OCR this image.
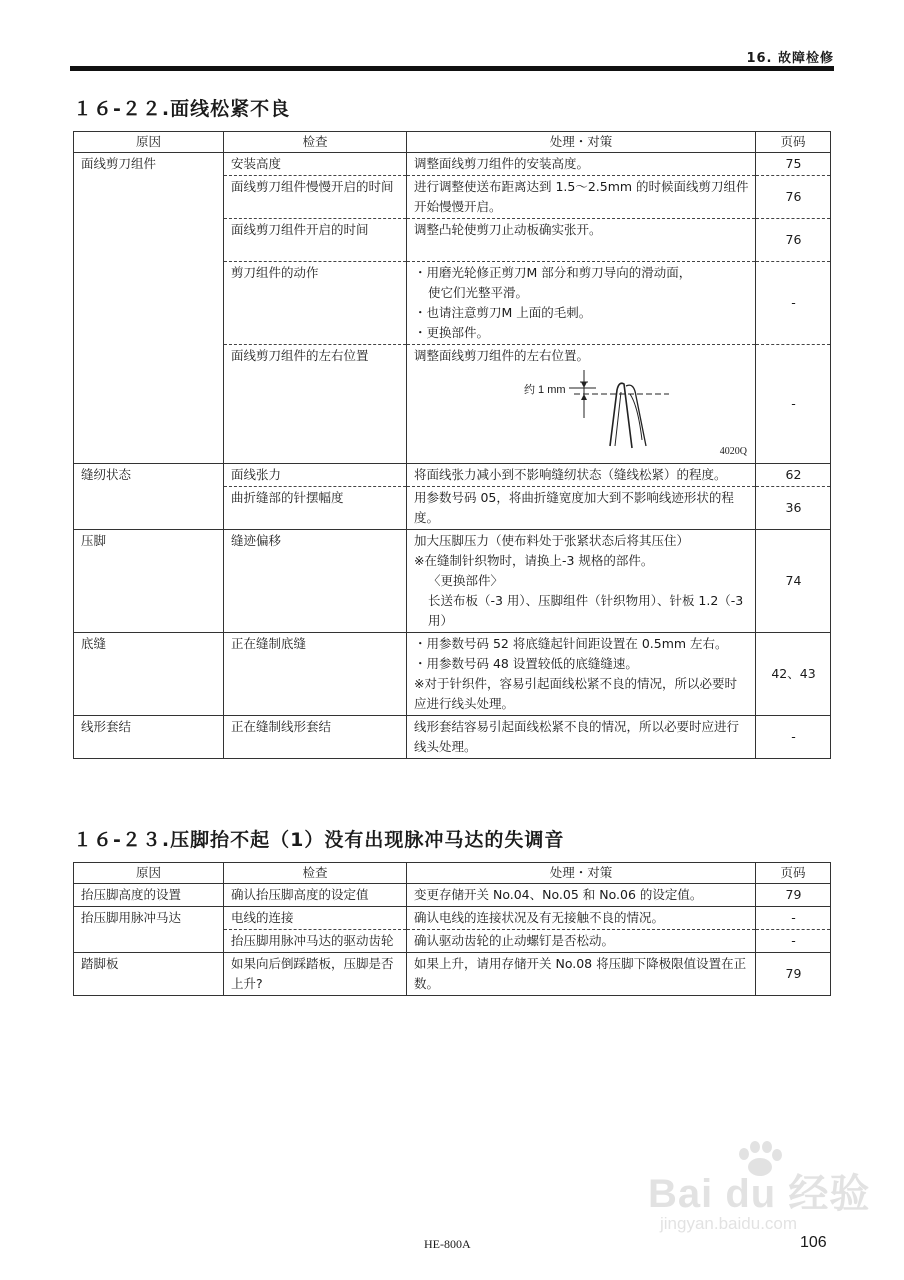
16. 故障检修
１６-２２.面线松紧不良
原因	检查	处理・对策	页码
面线剪刀组件	安装高度	调整面线剪刀组件的安装高度。	75
	面线剪刀组件慢慢开启的时间	进行调整使送布距离达到 1.5～2.5mm 的时候面线剪刀组件开始慢慢开启。	76
	面线剪刀组件开启的时间	调整凸轮使剪刀止动板确实张开。	76
	剪刀组件的动作	・用磨光轮修正剪刀M 部分和剪刀导向的滑动面，
使它们光整平滑。
・也请注意剪刀M 上面的毛刺。
・更换部件。	-
	面线剪刀组件的左右位置	调整面线剪刀组件的左右位置。
约 1 mm
4020Q	-
缝纫状态	面线张力	将面线张力减小到不影响缝纫状态（缝线松紧）的程度。	62
	曲折缝部的针摆幅度	用参数号码 05，将曲折缝宽度加大到不影响线迹形状的程度。	36
压脚	缝迹偏移	加大压脚压力（使布料处于张紧状态后将其压住）
※在缝制针织物时，请换上-3 规格的部件。
〈更换部件〉
长送布板（-3 用）、压脚组件（针织物用）、针板 1.2（-3 用）	74
底缝	正在缝制底缝	・用参数号码 52 将底缝起针间距设置在 0.5mm 左右。
・用参数号码 48 设置较低的底缝缝速。
※对于针织件，容易引起面线松紧不良的情况，所以必要时应进行线头处理。	42、43
线形套结	正在缝制线形套结	线形套结容易引起面线松紧不良的情况，所以必要时应进行线头处理。	-
１６-２３.压脚抬不起（1）没有出现脉冲马达的失调音
原因	检查	处理・对策	页码
抬压脚高度的设置	确认抬压脚高度的设定值	变更存储开关 No.04、No.05 和 No.06 的设定值。	79
抬压脚用脉冲马达	电线的连接	确认电线的连接状况及有无接触不良的情况。	-
	抬压脚用脉冲马达的驱动齿轮	确认驱动齿轮的止动螺钉是否松动。	-
踏脚板	如果向后倒踩踏板，压脚是否上升?	如果上升，请用存储开关 No.08 将压脚下降极限值设置在正数。	79
Bai du 经验
jingyan.baidu.com
HE-800A	106
